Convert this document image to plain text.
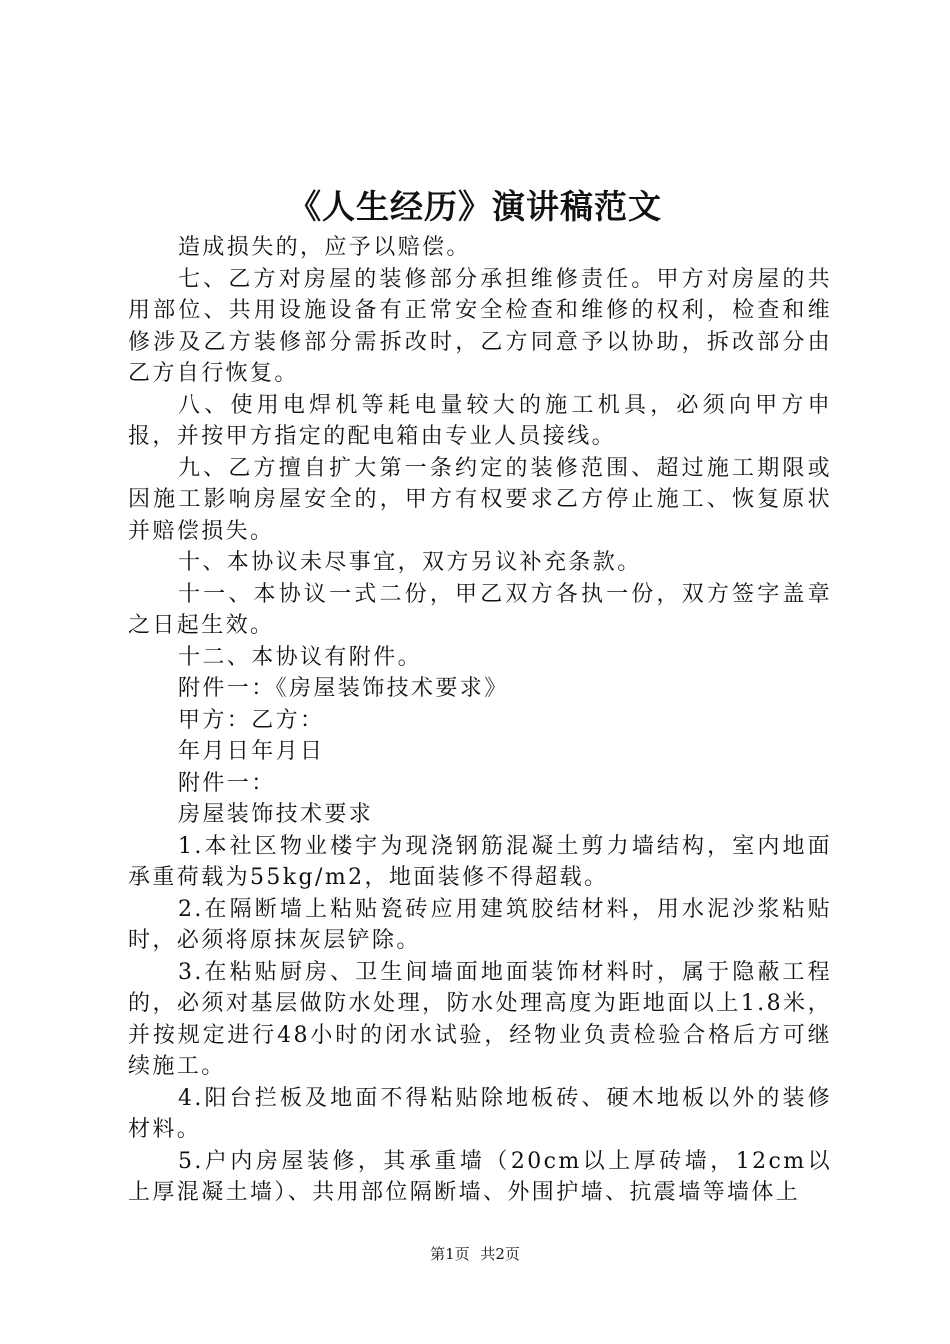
《人生经历》演讲稿范文

造成损失的，应予以赔偿。

七、乙方对房屋的装修部分承担维修责任。甲方对房屋的共用部位、共用设施设备有正常安全检查和维修的权利，检查和维修涉及乙方装修部分需拆改时，乙方同意予以协助，拆改部分由乙方自行恢复。

八、使用电焊机等耗电量较大的施工机具，必须向甲方申报，并按甲方指定的配电箱由专业人员接线。

九、乙方擅自扩大第一条约定的装修范围、超过施工期限或因施工影响房屋安全的，甲方有权要求乙方停止施工、恢复原状并赔偿损失。

十、本协议未尽事宜，双方另议补充条款。

十一、本协议一式二份，甲乙双方各执一份，双方签字盖章之日起生效。

十二、本协议有附件。

附件一：《房屋装饰技术要求》

甲方：乙方：

年月日年月日

附件一：

房屋装饰技术要求

1.本社区物业楼宇为现浇钢筋混凝土剪力墙结构，室内地面承重荷载为55kg/m2，地面装修不得超载。

2.在隔断墙上粘贴瓷砖应用建筑胶结材料，用水泥沙浆粘贴时，必须将原抹灰层铲除。

3.在粘贴厨房、卫生间墙面地面装饰材料时，属于隐蔽工程的，必须对基层做防水处理，防水处理高度为距地面以上1.8米，并按规定进行48小时的闭水试验，经物业负责检验合格后方可继续施工。

4.阳台拦板及地面不得粘贴除地板砖、硬木地板以外的装修材料。

5.户内房屋装修，其承重墙（20cm以上厚砖墙，12cm以上厚混凝土墙）、共用部位隔断墙、外围护墙、抗震墙等墙体上

第1页 共2页
